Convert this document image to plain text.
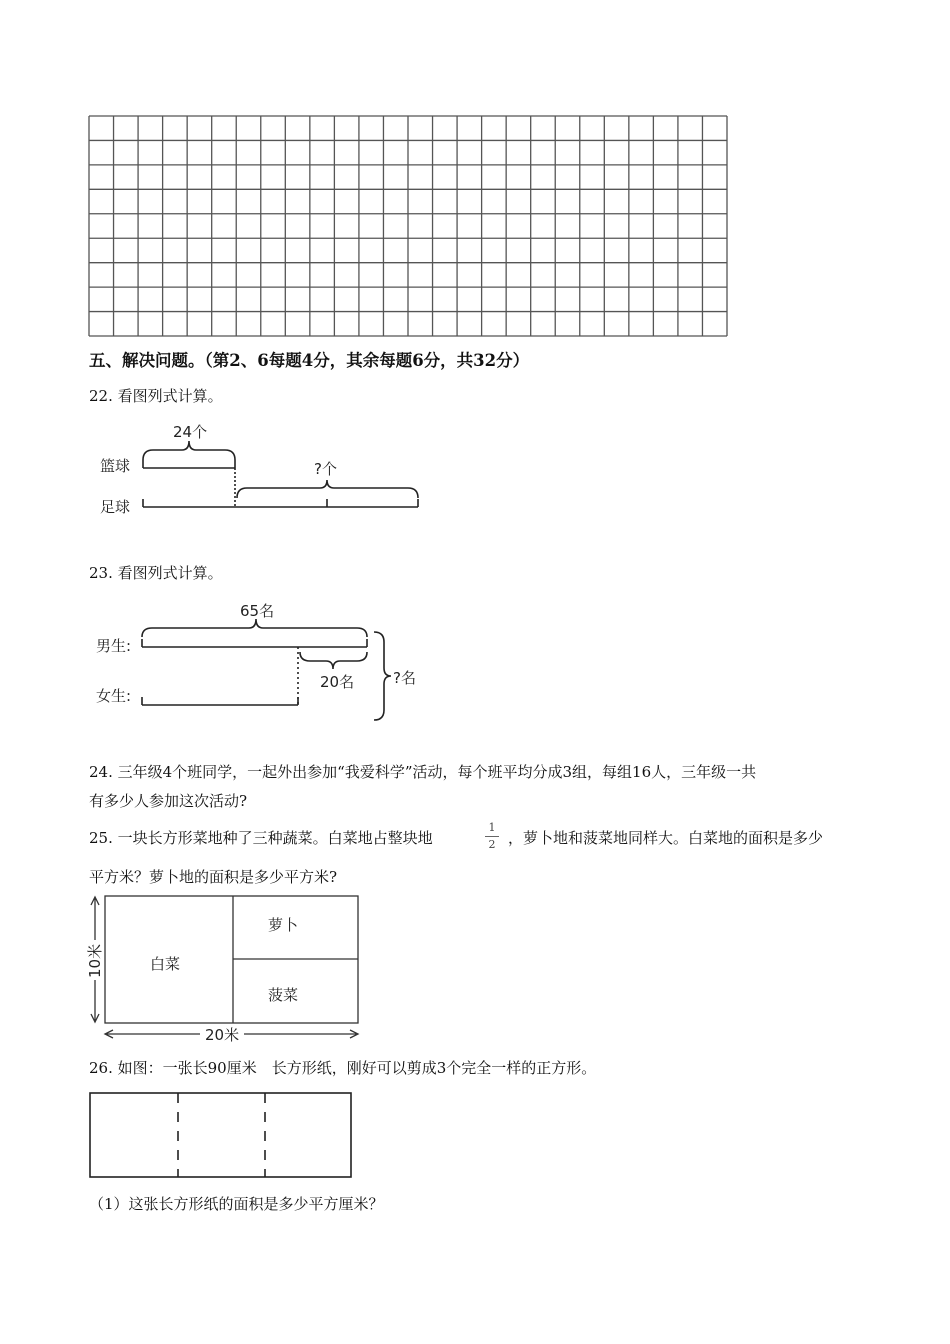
五、解决问题。（第2、6每题4分，其余每题6分，共32分）
22. 看图列式计算。
篮球
足球
24个
?个
23. 看图列式计算。
男生:
女生:
65名
20名	?名
24. 三年级4个班同学，一起外出参加“我爱科学”活动，每个班平均分成3组，每组16人，三年级一共
有多少人参加这次活动?
25. 一块长方形菜地种了三种蔬菜。白菜地占整块地
1
2 ，萝卜地和菠菜地同样大。白菜地的面积是多少
平方米？萝卜地的面积是多少平方米?
白菜
萝卜
菠菜
10米
20米
26. 如图：一张长90厘米　长方形纸，刚好可以剪成3个完全一样的正方形。
（1）这张长方形纸的面积是多少平方厘米？
